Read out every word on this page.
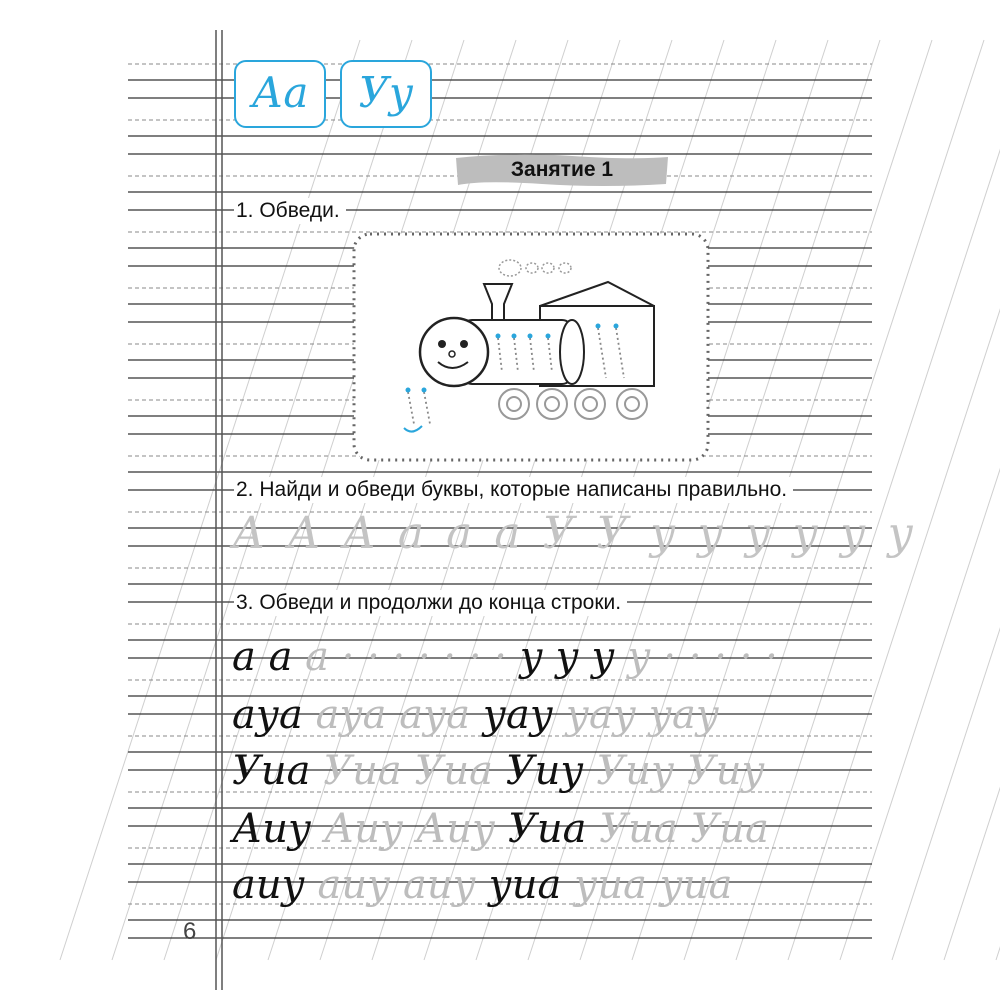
Аа	Уу
Занятие 1
1. Обведи.
2. Найди и обведи буквы, которые написаны правильно.
3. Обведи и продолжи до конца строки.
А А А а а а У У у у у у у у
а а а · · · · · · · у у у у · · · · ·
ауа ауа ауа уау уау уау
Уиа Уиа Уиа Уиу Уиу Уиу
Аиу Аиу Аиу Уиа Уиа Уиа
аиу аиу аиу уиа уиа уиа
6
